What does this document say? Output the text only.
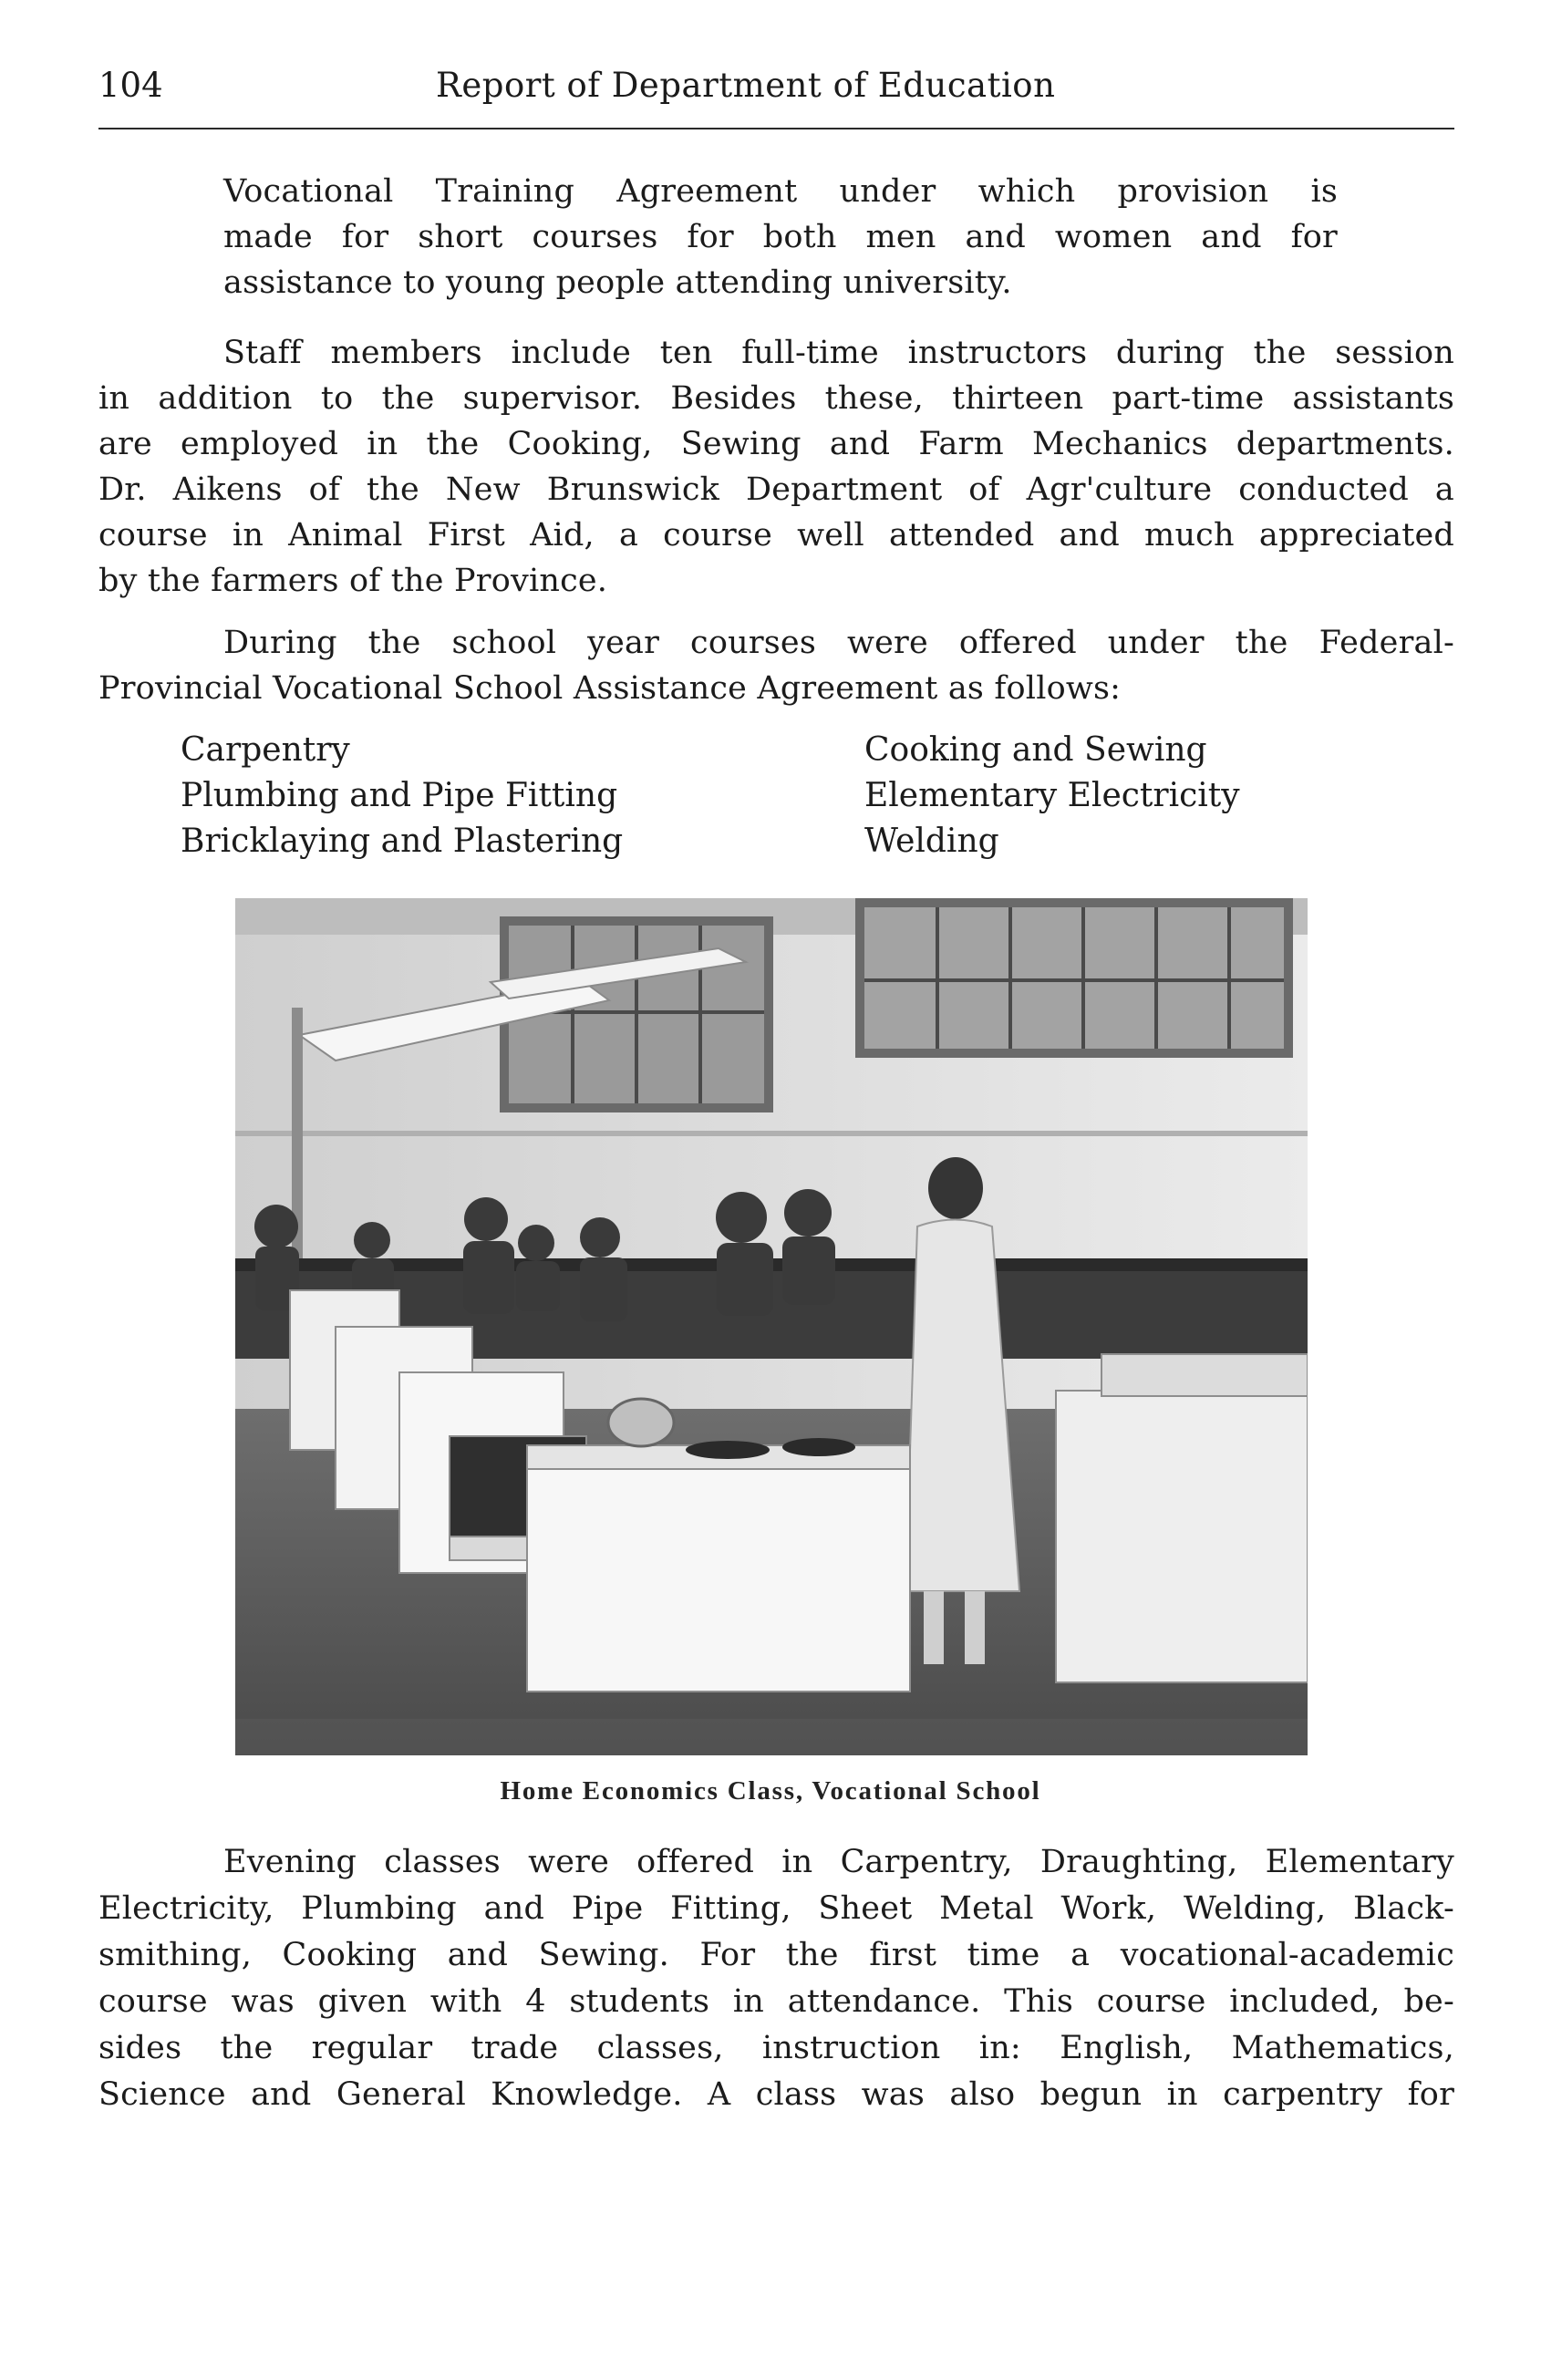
104	Report of Department of Education
Vocational Training Agreement under which provision is
made for short courses for both men and women and for
assistance to young people attending university.
Staff members include ten full-time instructors during the session
in addition to the supervisor. Besides these, thirteen part-time assistants
are employed in the Cooking, Sewing and Farm Mechanics departments.
Dr. Aikens of the New Brunswick Department of Agr'culture conducted a
course in Animal First Aid, a course well attended and much appreciated
by the farmers of the Province.
During the school year courses were offered under the Federal-
Provincial Vocational School Assistance Agreement as follows:
Carpentry
Plumbing and Pipe Fitting
Bricklaying and Plastering
Cooking and Sewing
Elementary Electricity
Welding
Home Economics Class, Vocational School
Evening classes were offered in Carpentry, Draughting, Elementary
Electricity, Plumbing and Pipe Fitting, Sheet Metal Work, Welding, Black-
smithing, Cooking and Sewing. For the first time a vocational-academic
course was given with 4 students in attendance. This course included, be-
sides the regular trade classes, instruction in: English, Mathematics,
Science and General Knowledge. A class was also begun in carpentry for
